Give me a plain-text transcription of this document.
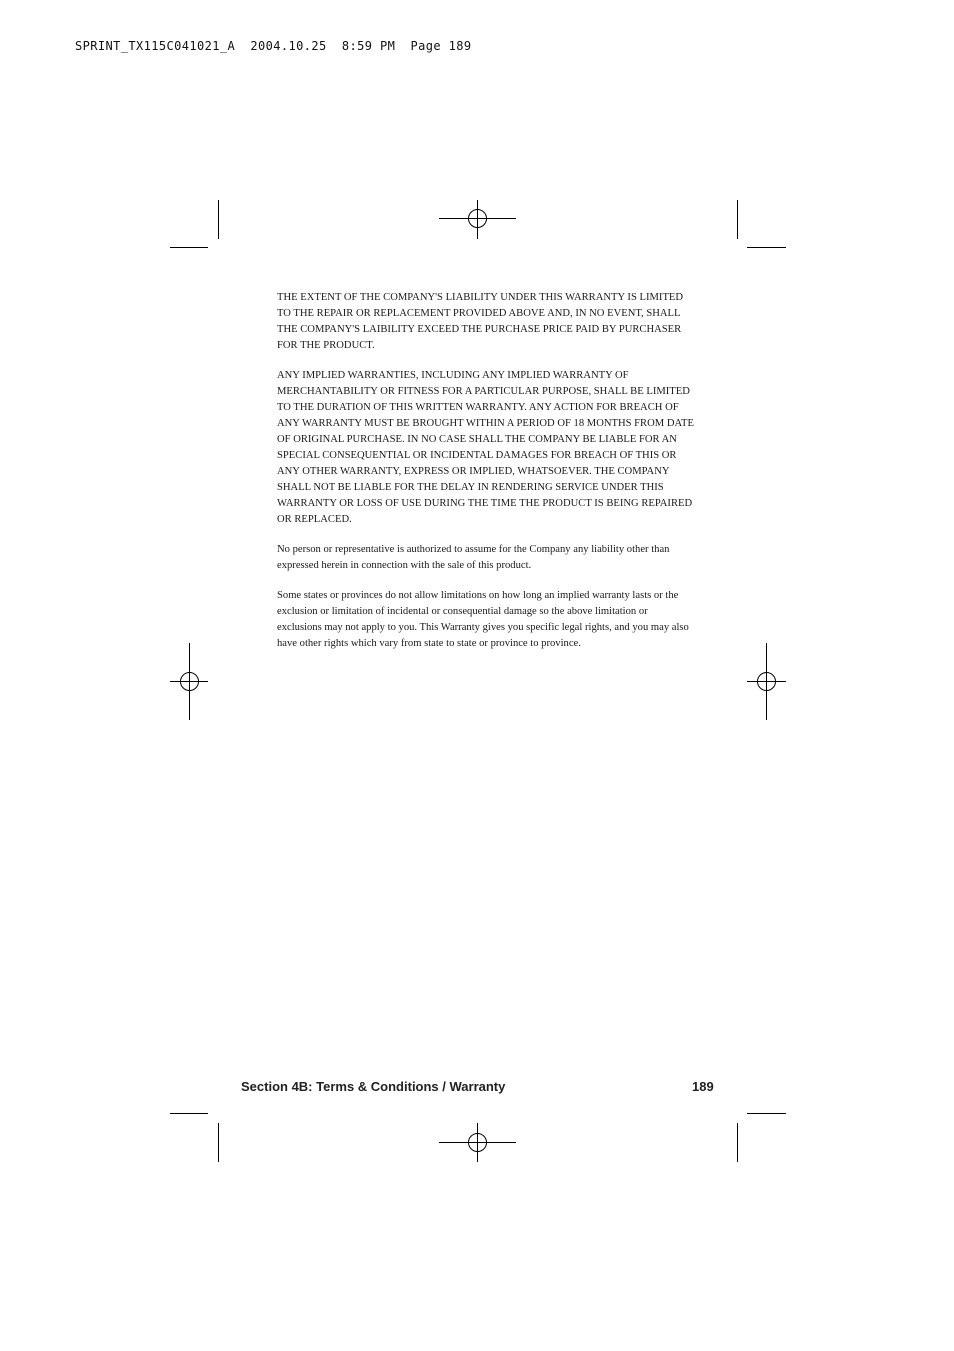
SPRINT_TX115C041021_A  2004.10.25  8:59 PM  Page 189

THE EXTENT OF THE COMPANY'S LIABILITY UNDER THIS WARRANTY IS LIMITED TO THE REPAIR OR REPLACEMENT PROVIDED ABOVE AND, IN NO EVENT, SHALL THE COMPANY'S LAIBILITY EXCEED THE PURCHASE PRICE PAID BY PURCHASER FOR THE PRODUCT.

ANY IMPLIED WARRANTIES, INCLUDING ANY IMPLIED WARRANTY OF MERCHANTABILITY OR FITNESS FOR A PARTICULAR PURPOSE, SHALL BE LIMITED TO THE DURATION OF THIS WRITTEN WARRANTY. ANY ACTION FOR BREACH OF ANY WARRANTY MUST BE BROUGHT WITHIN A PERIOD OF 18 MONTHS FROM DATE OF ORIGINAL PURCHASE. IN NO CASE SHALL THE COMPANY BE LIABLE FOR AN SPECIAL CONSEQUENTIAL OR INCIDENTAL DAMAGES FOR BREACH OF THIS OR ANY OTHER WARRANTY, EXPRESS OR IMPLIED, WHATSOEVER. THE COMPANY SHALL NOT BE LIABLE FOR THE DELAY IN RENDERING SERVICE UNDER THIS WARRANTY OR LOSS OF USE DURING THE TIME THE PRODUCT IS BEING REPAIRED OR REPLACED.

No person or representative is authorized to assume for the Company any liability other than expressed herein in connection with the sale of this product.

Some states or provinces do not allow limitations on how long an implied warranty lasts or the exclusion or limitation of incidental or consequential damage so the above limitation or exclusions may not apply to you. This Warranty gives you specific legal rights, and you may also have other rights which vary from state to state or province to province.

Section 4B: Terms & Conditions / Warranty	189
